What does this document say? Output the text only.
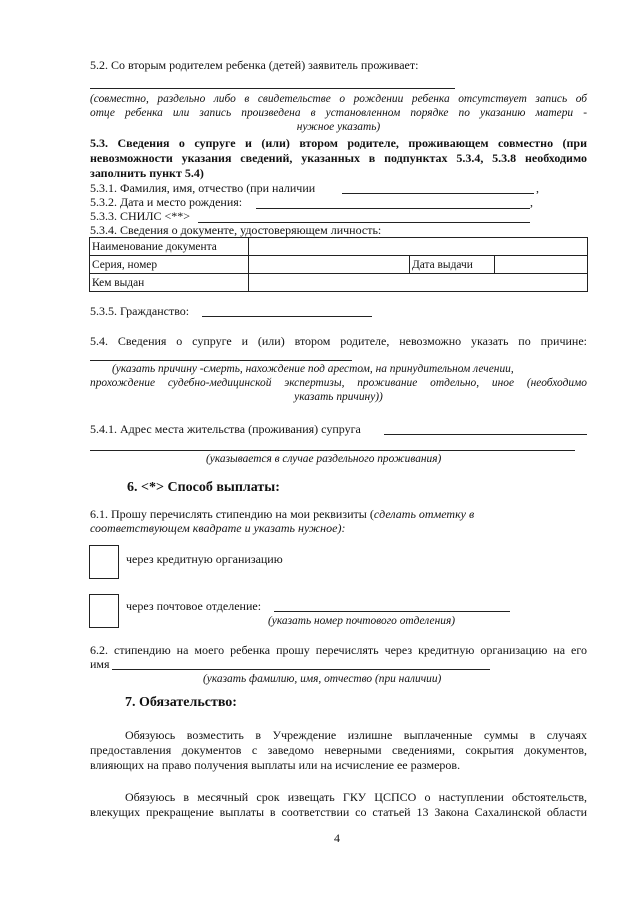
5.2. Со вторым родителем ребенка (детей) заявитель проживает:
(совместно, раздельно либо в свидетельстве о рождении ребенка отсутствует запись об
отце ребенка или запись произведена в установленном порядке по указанию матери -
нужное указать)
5.3. Сведения о супруге и (или) втором родителе, проживающем совместно (при
невозможности указания сведений, указанных в подпунктах 5.3.4, 5.3.8 необходимо
заполнить пункт 5.4)
5.3.1. Фамилия, имя, отчество (при наличии	,
5.3.2. Дата и место рождения:	,
5.3.3. СНИЛС <**>
5.3.4. Сведения о документе, удостоверяющем личность:
Наименование документа			
Серия, номер		Дата выдачи	
Кем выдан			
5.3.5. Гражданство:
5.4. Сведения о супруге и (или) втором родителе, невозможно указать по причине:
(указать причину -смерть, нахождение под арестом, на принудительном лечении,
прохождение судебно-медицинской экспертизы, проживание отдельно, иное (необходимо
указать причину))
5.4.1. Адрес места жительства (проживания) супруга
(указывается в случае раздельного проживания)
6. <*> Способ выплаты:
6.1. Прошу перечислять стипендию на мои реквизиты (сделать отметку в
соответствующем квадрате и указать нужное):
через кредитную организацию
через почтовое отделение:
(указать номер почтового отделения)
6.2. стипендию на моего ребенка прошу перечислять через кредитную организацию на его
имя
(указать фамилию, имя, отчество (при наличии)
7. Обязательство:
Обязуюсь возместить в Учреждение излишне выплаченные суммы в случаях
предоставления документов с заведомо неверными сведениями, сокрытия документов,
влияющих на право получения выплаты или на исчисление ее размеров.
Обязуюсь в месячный срок извещать ГКУ ЦСПСО о наступлении обстоятельств,
влекущих прекращение выплаты в соответствии со статьей 13 Закона Сахалинской области
4
